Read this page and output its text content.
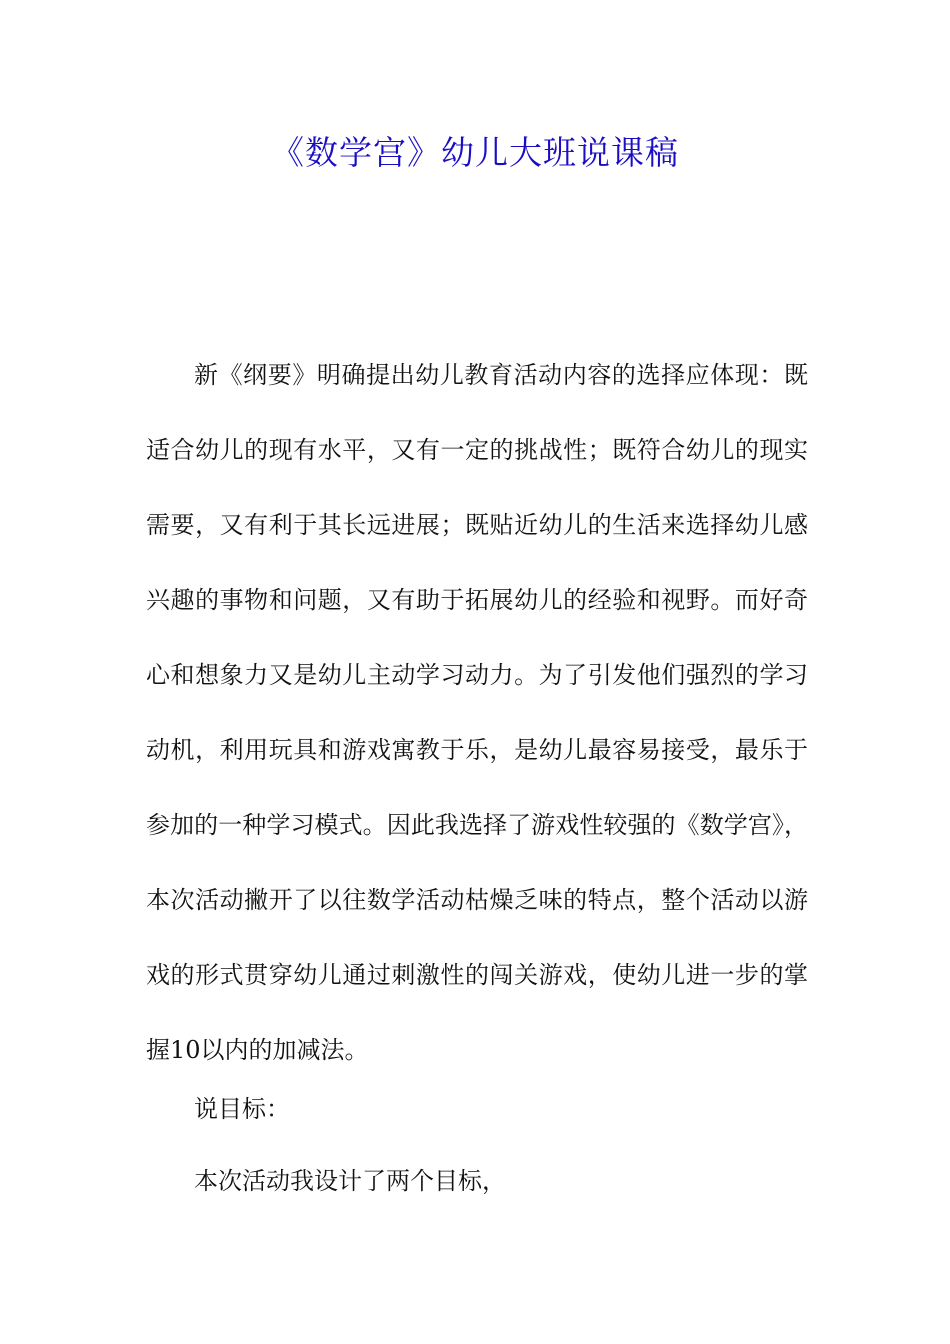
《数学宫》幼儿大班说课稿

新《纲要》明确提出幼儿教育活动内容的选择应体现：既适合幼儿的现有水平，又有一定的挑战性；既符合幼儿的现实需要，又有利于其长远进展；既贴近幼儿的生活来选择幼儿感兴趣的事物和问题，又有助于拓展幼儿的经验和视野。而好奇心和想象力又是幼儿主动学习动力。为了引发他们强烈的学习动机，利用玩具和游戏寓教于乐，是幼儿最容易接受，最乐于参加的一种学习模式。因此我选择了游戏性较强的《数学宫》，本次活动撇开了以往数学活动枯燥乏味的特点，整个活动以游戏的形式贯穿幼儿通过刺激性的闯关游戏，使幼儿进一步的掌握10以内的加减法。

说目标：

本次活动我设计了两个目标，
